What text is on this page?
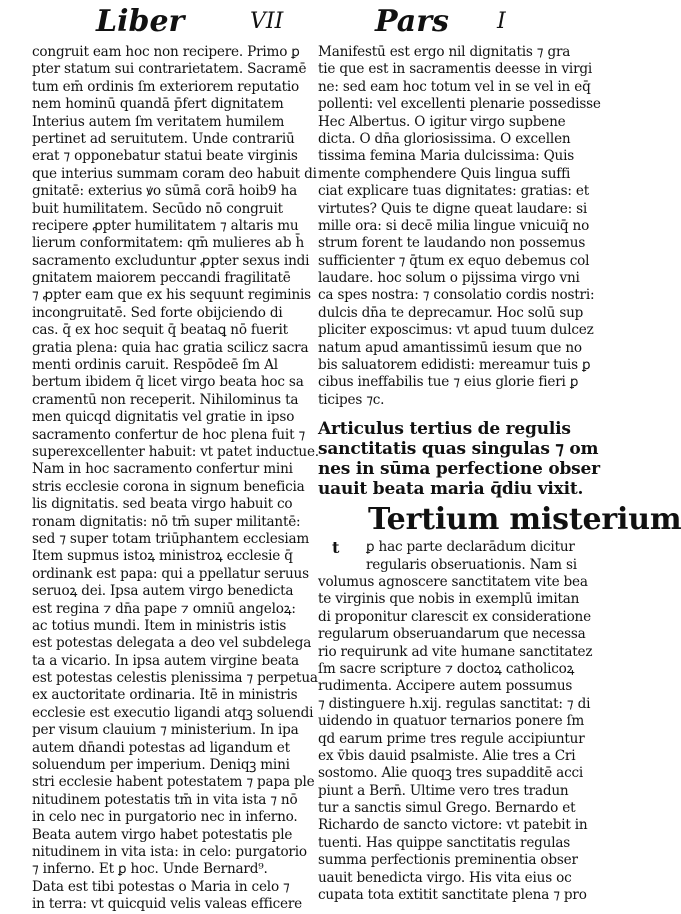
Liber	VII	Pars I
congruit eam hoc non recipere. Primo ꝑ
pter statum sui contrarietatem. Sacramē
tum em̄ ordinis ſm exteriorem reputatio
nem hominū quandā p̄fert dignitatem
Interius autem ſm veritatem humilem
pertinet ad seruitutem. Unde contrariū
erat ⁊ opponebatur statui beate virginis
que interius summam coram deo habuit di
gnitatē: exterius ꝟo sūmā corā hoib9 ha
buit humilitatem. Secūdo nō congruit
recipere ꝓpter humilitatem ⁊ altaris mu
lierum conformitatem: qm̄ mulieres ab h̄
sacramento excluduntur ꝓpter sexus indi
gnitatem maiorem peccandi fragilitatē
⁊ ꝓpter eam que ex his sequunt regiminis
incongruitatē. Sed forte obijciendo di
cas. q̄ ex hoc sequit q̄ beataꝗ nō fuerit
gratia plena: quia hac gratia scilicz sacra
menti ordinis caruit. Respōdeē ſm Al
bertum ibidem q̄ licet virgo beata hoc sa
cramentū non receperit. Nihilominus ta
men quicqd dignitatis vel gratie in ipso
sacramento confertur de hoc plena fuit ⁊
superexcellenter habuit: vt patet inductue.
Nam in hoc sacramento confertur mini
stris ecclesie corona in signum beneficia
lis dignitatis. sed beata virgo habuit co
ronam dignitatis: nō tm̄ super militantē:
sed ⁊ super totam triūphantem ecclesiam
Item supmus istoꝝ ministroꝝ ecclesie q̄
ordinank est papa: qui a ppellatur seruus
seruoꝝ dei. Ipsa autem virgo benedicta
est regina ⁊ dn̄a pape ⁊ omniū angeloꝝ:
ac totius mundi. Item in ministris istis
est potestas delegata a deo vel subdelega
ta a vicario. In ipsa autem virgine beata
est potestas celestis plenissima ⁊ perpetua
ex auctoritate ordinaria. Itē in ministris
ecclesie est executio ligandi atqꝫ soluendi
per visum clauium ⁊ ministerium. In ipa
autem dn̄andi potestas ad ligandum et
soluendum per imperium. Deniqꝫ mini
stri ecclesie habent potestatem ⁊ papa ple
nitudinem potestatis tm̄ in vita ista ⁊ nō
in celo nec in purgatorio nec in inferno.
Beata autem virgo habet potestatis ple
nitudinem in vita ista: in celo: purgatorio
⁊ inferno. Et ꝑ hoc. Unde Bernard⁹.
Data est tibi potestas o Maria in celo ⁊
in terra: vt quicquid velis valeas efficere
Manifestū est ergo nil dignitatis ⁊ gra
tie que est in sacramentis deesse in virgi
ne: sed eam hoc totum vel in se vel in eq̄
pollenti: vel excellenti plenarie possedisse
Hec Albertus. O igitur virgo supbene
dicta. O dn̄a gloriosissima. O excellen
tissima femina Maria dulcissima: Quis
mente comphendere Quis lingua suffi
ciat explicare tuas dignitates: gratias: et
virtutes? Quis te digne queat laudare: si
mille ora: si decē milia lingue vnicuiq̄ no
strum forent te laudando non possemus
sufficienter ⁊ q̄tum ex equo debemus col
laudare. hoc solum o pijssima virgo vni
ca spes nostra: ⁊ consolatio cordis nostri:
dulcis dn̄a te deprecamur. Hoc solū sup
pliciter exposcimus: vt apud tuum dulcez
natum apud amantissimū iesum que no
bis saluatorem edidisti: mereamur tuis ꝑ
cibus ineffabilis tue ⁊ eius glorie fieri ꝑ
ticipes ⁊c.
Articulus tertius de regulis
sanctitatis quas singulas ⁊ om
nes in sūma perfectione obser
uauit beata maria q̄diu vixit.
Tertium misterium
t ꝑ hac parte declarādum dicitur
regularis obseruationis. Nam si
volumus agnoscere sanctitatem vite bea
te virginis que nobis in exemplū imitan
di proponitur clarescit ex consideratione
regularum obseruandarum que necessa
rio requirunk ad vite humane sanctitatez
ſm sacre scripture ⁊ doctoꝝ catholicoꝝ
rudimenta. Accipere autem possumus
⁊ distinguere h.xij. regulas sanctitat: ⁊ di
uidendo in quatuor ternarios ponere ſm
qd earum prime tres regule accipiuntur
ex v̄bis dauid psalmiste. Alie tres a Cri
sostomo. Alie quoqꝫ tres supadditē acci
piunt a Bern̄. Ultime vero tres tradun
tur a sanctis simul Grego. Bernardo et
Richardo de sancto victore: vt patebit in
tuenti. Has quippe sanctitatis regulas
summa perfectionis preminentia obser
uauit benedicta virgo. His vita eius oc
cupata tota extitit sanctitate plena ⁊ pro
